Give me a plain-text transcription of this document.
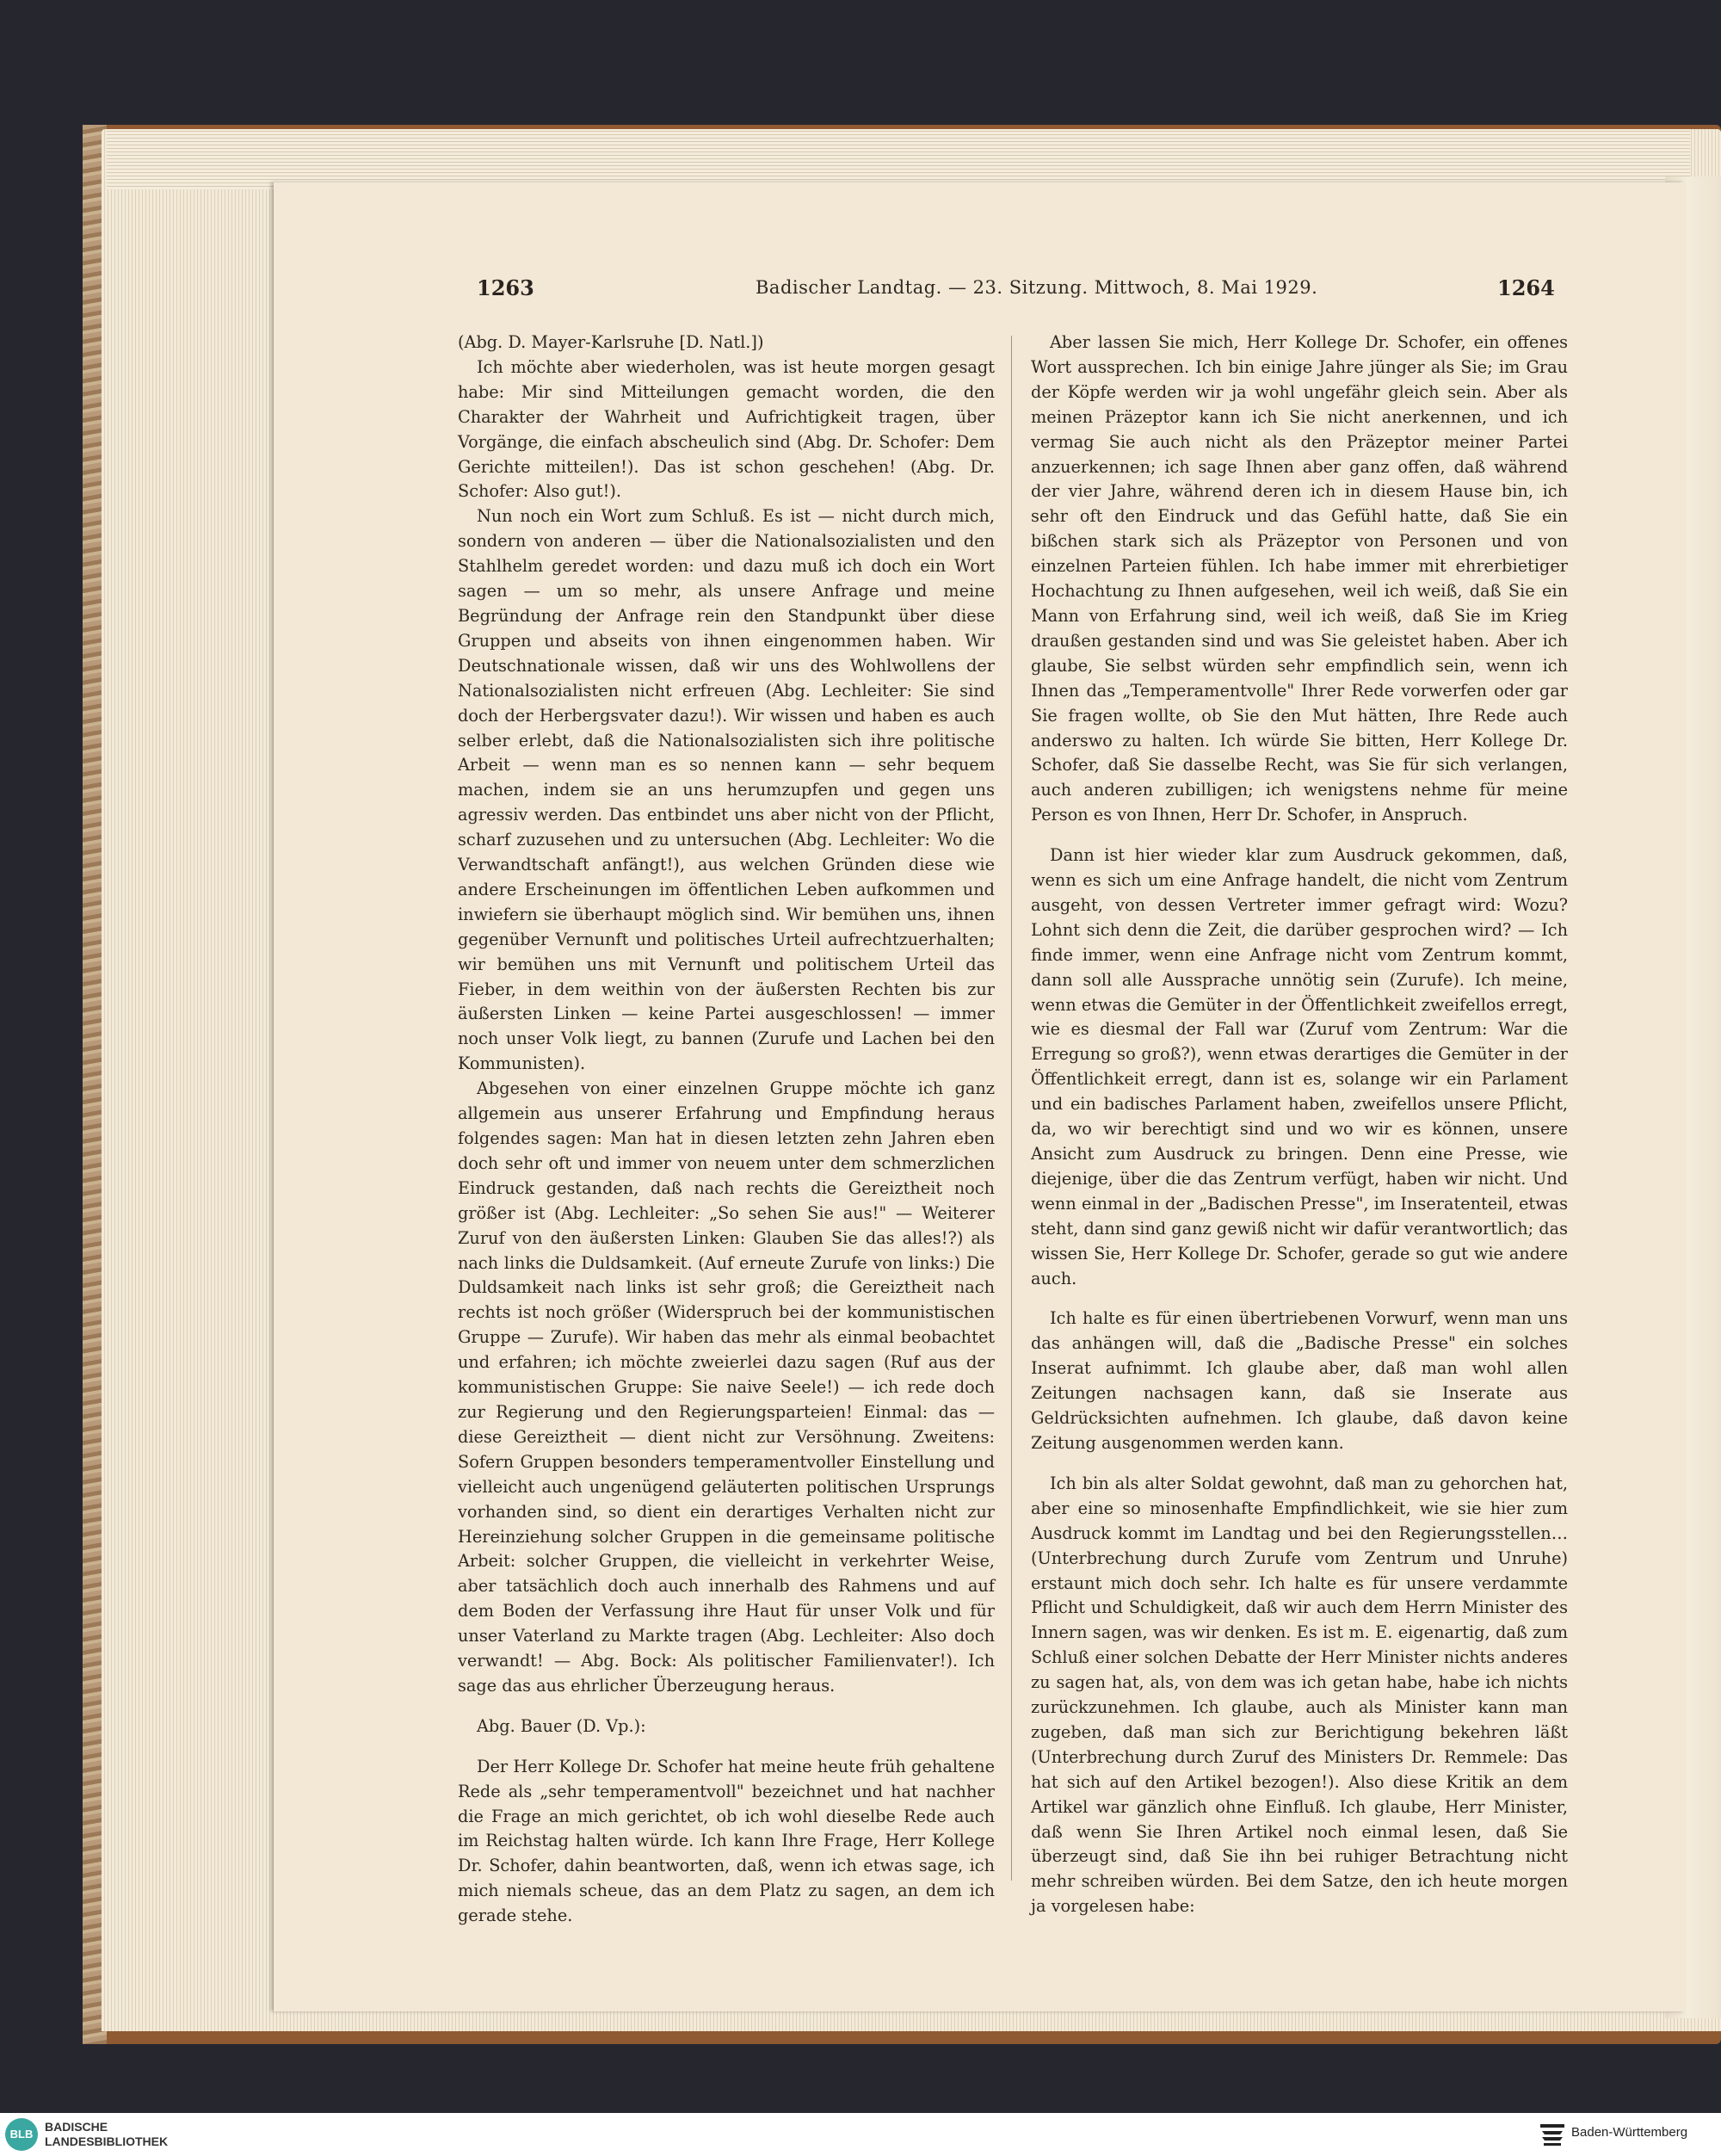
1263	Badischer Landtag. — 23. Sitzung. Mittwoch, 8. Mai 1929.	1264

(Abg. D. Mayer-Karlsruhe [D. Natl.])

Ich möchte aber wiederholen, was ist heute morgen gesagt habe: Mir sind Mitteilungen gemacht worden, die den Charakter der Wahrheit und Aufrichtigkeit tragen, über Vorgänge, die einfach abscheulich sind (Abg. Dr. Schofer: Dem Gerichte mitteilen!). Das ist schon geschehen! (Abg. Dr. Schofer: Also gut!).

Nun noch ein Wort zum Schluß. Es ist — nicht durch mich, sondern von anderen — über die Nationalsozialisten und den Stahlhelm geredet worden: und dazu muß ich doch ein Wort sagen — um so mehr, als unsere Anfrage und meine Begründung der Anfrage rein den Standpunkt über diese Gruppen und abseits von ihnen eingenommen haben. Wir Deutschnationale wissen, daß wir uns des Wohlwollens der Nationalsozialisten nicht erfreuen (Abg. Lechleiter: Sie sind doch der Herbergsvater dazu!). Wir wissen und haben es auch selber erlebt, daß die Nationalsozialisten sich ihre politische Arbeit — wenn man es so nennen kann — sehr bequem machen, indem sie an uns herumzupfen und gegen uns agressiv werden. Das entbindet uns aber nicht von der Pflicht, scharf zuzusehen und zu untersuchen (Abg. Lechleiter: Wo die Verwandtschaft anfängt!), aus welchen Gründen diese wie andere Erscheinungen im öffentlichen Leben aufkommen und inwiefern sie überhaupt möglich sind. Wir bemühen uns, ihnen gegenüber Vernunft und politisches Urteil aufrechtzuerhalten; wir bemühen uns mit Vernunft und politischem Urteil das Fieber, in dem weithin von der äußersten Rechten bis zur äußersten Linken — keine Partei ausgeschlossen! — immer noch unser Volk liegt, zu bannen (Zurufe und Lachen bei den Kommunisten).

Abgesehen von einer einzelnen Gruppe möchte ich ganz allgemein aus unserer Erfahrung und Empfindung heraus folgendes sagen: Man hat in diesen letzten zehn Jahren eben doch sehr oft und immer von neuem unter dem schmerzlichen Eindruck gestanden, daß nach rechts die Gereiztheit noch größer ist (Abg. Lechleiter: „So sehen Sie aus!" — Weiterer Zuruf von den äußersten Linken: Glauben Sie das alles!?) als nach links die Duldsamkeit. (Auf erneute Zurufe von links:) Die Duldsamkeit nach links ist sehr groß; die Gereiztheit nach rechts ist noch größer (Widerspruch bei der kommunistischen Gruppe — Zurufe). Wir haben das mehr als einmal beobachtet und erfahren; ich möchte zweierlei dazu sagen (Ruf aus der kommunistischen Gruppe: Sie naive Seele!) — ich rede doch zur Regierung und den Regierungsparteien! Einmal: das — diese Gereiztheit — dient nicht zur Versöhnung. Zweitens: Sofern Gruppen besonders temperamentvoller Einstellung und vielleicht auch ungenügend geläuterten politischen Ursprungs vorhanden sind, so dient ein derartiges Verhalten nicht zur Hereinziehung solcher Gruppen in die gemeinsame politische Arbeit: solcher Gruppen, die vielleicht in verkehrter Weise, aber tatsächlich doch auch innerhalb des Rahmens und auf dem Boden der Verfassung ihre Haut für unser Volk und für unser Vaterland zu Markte tragen (Abg. Lechleiter: Also doch verwandt! — Abg. Bock: Als politischer Familienvater!). Ich sage das aus ehrlicher Überzeugung heraus.

Abg. Bauer (D. Vp.):

Der Herr Kollege Dr. Schofer hat meine heute früh gehaltene Rede als „sehr temperamentvoll" bezeichnet und hat nachher die Frage an mich gerichtet, ob ich wohl dieselbe Rede auch im Reichstag halten würde. Ich kann Ihre Frage, Herr Kollege Dr. Schofer, dahin beantworten, daß, wenn ich etwas sage, ich mich niemals scheue, das an dem Platz zu sagen, an dem ich gerade stehe.

Aber lassen Sie mich, Herr Kollege Dr. Schofer, ein offenes Wort aussprechen. Ich bin einige Jahre jünger als Sie; im Grau der Köpfe werden wir ja wohl ungefähr gleich sein. Aber als meinen Präzeptor kann ich Sie nicht anerkennen, und ich vermag Sie auch nicht als den Präzeptor meiner Partei anzuerkennen; ich sage Ihnen aber ganz offen, daß während der vier Jahre, während deren ich in diesem Hause bin, ich sehr oft den Eindruck und das Gefühl hatte, daß Sie ein bißchen stark sich als Präzeptor von Personen und von einzelnen Parteien fühlen. Ich habe immer mit ehrerbietiger Hochachtung zu Ihnen aufgesehen, weil ich weiß, daß Sie ein Mann von Erfahrung sind, weil ich weiß, daß Sie im Krieg draußen gestanden sind und was Sie geleistet haben. Aber ich glaube, Sie selbst würden sehr empfindlich sein, wenn ich Ihnen das „Temperamentvolle" Ihrer Rede vorwerfen oder gar Sie fragen wollte, ob Sie den Mut hätten, Ihre Rede auch anderswo zu halten. Ich würde Sie bitten, Herr Kollege Dr. Schofer, daß Sie dasselbe Recht, was Sie für sich verlangen, auch anderen zubilligen; ich wenigstens nehme für meine Person es von Ihnen, Herr Dr. Schofer, in Anspruch.

Dann ist hier wieder klar zum Ausdruck gekommen, daß, wenn es sich um eine Anfrage handelt, die nicht vom Zentrum ausgeht, von dessen Vertreter immer gefragt wird: Wozu? Lohnt sich denn die Zeit, die darüber gesprochen wird? — Ich finde immer, wenn eine Anfrage nicht vom Zentrum kommt, dann soll alle Aussprache unnötig sein (Zurufe). Ich meine, wenn etwas die Gemüter in der Öffentlichkeit zweifellos erregt, wie es diesmal der Fall war (Zuruf vom Zentrum: War die Erregung so groß?), wenn etwas derartiges die Gemüter in der Öffentlichkeit erregt, dann ist es, solange wir ein Parlament und ein badisches Parlament haben, zweifellos unsere Pflicht, da, wo wir berechtigt sind und wo wir es können, unsere Ansicht zum Ausdruck zu bringen. Denn eine Presse, wie diejenige, über die das Zentrum verfügt, haben wir nicht. Und wenn einmal in der „Badischen Presse", im Inseratenteil, etwas steht, dann sind ganz gewiß nicht wir dafür verantwortlich; das wissen Sie, Herr Kollege Dr. Schofer, gerade so gut wie andere auch.

Ich halte es für einen übertriebenen Vorwurf, wenn man uns das anhängen will, daß die „Badische Presse" ein solches Inserat aufnimmt. Ich glaube aber, daß man wohl allen Zeitungen nachsagen kann, daß sie Inserate aus Geldrücksichten aufnehmen. Ich glaube, daß davon keine Zeitung ausgenommen werden kann.

Ich bin als alter Soldat gewohnt, daß man zu gehorchen hat, aber eine so minosenhafte Empfindlichkeit, wie sie hier zum Ausdruck kommt im Landtag und bei den Regierungsstellen… (Unterbrechung durch Zurufe vom Zentrum und Unruhe) erstaunt mich doch sehr. Ich halte es für unsere verdammte Pflicht und Schuldigkeit, daß wir auch dem Herrn Minister des Innern sagen, was wir denken. Es ist m. E. eigenartig, daß zum Schluß einer solchen Debatte der Herr Minister nichts anderes zu sagen hat, als, von dem was ich getan habe, habe ich nichts zurückzunehmen. Ich glaube, auch als Minister kann man zugeben, daß man sich zur Berichtigung bekehren läßt (Unterbrechung durch Zuruf des Ministers Dr. Remmele: Das hat sich auf den Artikel bezogen!). Also diese Kritik an dem Artikel war gänzlich ohne Einfluß. Ich glaube, Herr Minister, daß wenn Sie Ihren Artikel noch einmal lesen, daß Sie überzeugt sind, daß Sie ihn bei ruhiger Betrachtung nicht mehr schreiben würden. Bei dem Satze, den ich heute morgen ja vorgelesen habe:

BLB
BADISCHE
LANDESBIBLIOTHEK
Baden-Württemberg
